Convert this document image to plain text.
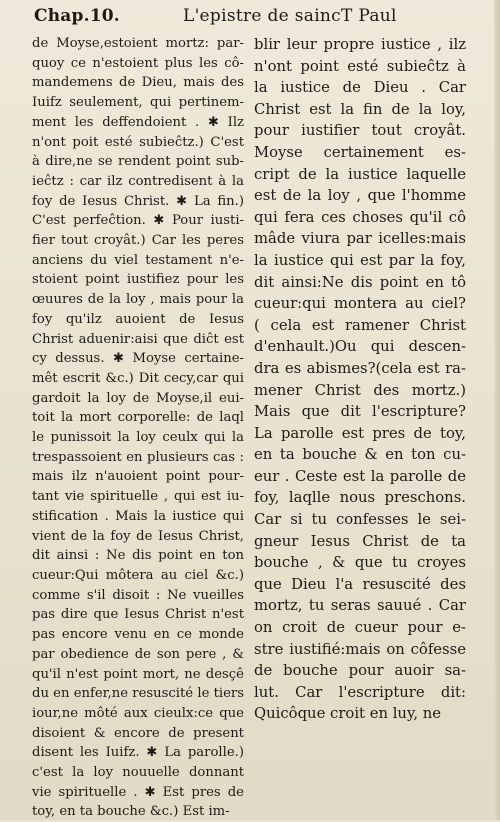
Chap.10.	L'epistre de saincT Paul
de Moyse,estoient mortz: par-
quoy ce n'estoient plus les cô-
mandemens de Dieu, mais des
Iuifz seulement, qui pertinem-
ment les deffendoient . ✱ Ilz
n'ont poit esté subieĉtz.) C'est
à dire,ne se rendent point sub-
ieĉtz : car ilz contredisent à la
foy de Iesus Christ. ✱ La fin.)
C'est perfeĉtion. ✱ Pour iusti-
fier tout croyât.) Car les peres
anciens du viel testament n'e-
stoient point iustifiez pour les
œuures de la loy , mais pour la
foy qu'ilz auoient de Iesus
Christ aduenir:aisi que diĉt est
cy dessus. ✱ Moyse certaine-
mêt escrit &c.) Dit cecy,car qui
gardoit la loy de Moyse,il eui-
toit la mort corporelle: de laql
le punissoit la loy ceulx qui la
trespassoient en plusieurs cas :
mais ilz n'auoient point pour-
tant vie spirituelle , qui est iu-
stification . Mais la iustice qui
vient de la foy de Iesus Christ,
dit ainsi : Ne dis point en ton
cueur:Qui môtera au ciel &c.)
comme s'il disoit : Ne vueilles
pas dire que Iesus Christ n'est
pas encore venu en ce monde
par obedience de son pere , &
qu'il n'est point mort, ne desçê
du en enfer,ne resuscité le tiers
iour,ne môté aux cieulx:ce que
disoient & encore de present
disent les Iuifz. ✱ La parolle.)
c'est la loy nouuelle donnant
vie spirituelle . ✱ Est pres de
toy, en ta bouche &c.) Est im-
blir leur propre iustice , ilz
n'ont point esté subieĉtz à
la iustice de Dieu . Car
Christ est la fin de la loy,
pour iustifier tout croyât.
Moyse certainement es-
cript de la iustice laquelle
est de la loy , que l'homme
qui fera ces choses qu'il cô
mâde viura par icelles:mais
la iustice qui est par la foy,
dit ainsi:Ne dis point en tô
cueur:qui montera au ciel?
( cela est ramener Christ
d'enhault.)Ou qui descen-
dra es abismes?(cela est ra-
mener Christ des mortz.)
Mais que dit l'escripture?
La parolle est pres de toy,
en ta bouche & en ton cu-
eur . Ceste est la parolle de
foy, laqlle nous preschons.
Car si tu confesses le sei-
gneur Iesus Christ de ta
bouche , & que tu croyes
que Dieu l'a resuscité des
mortz, tu seras sauué . Car
on croit de cueur pour e-
stre iustifié:mais on côfesse
de bouche pour auoir sa-
lut. Car l'escripture dit:
Quicôque croit en luy, ne
